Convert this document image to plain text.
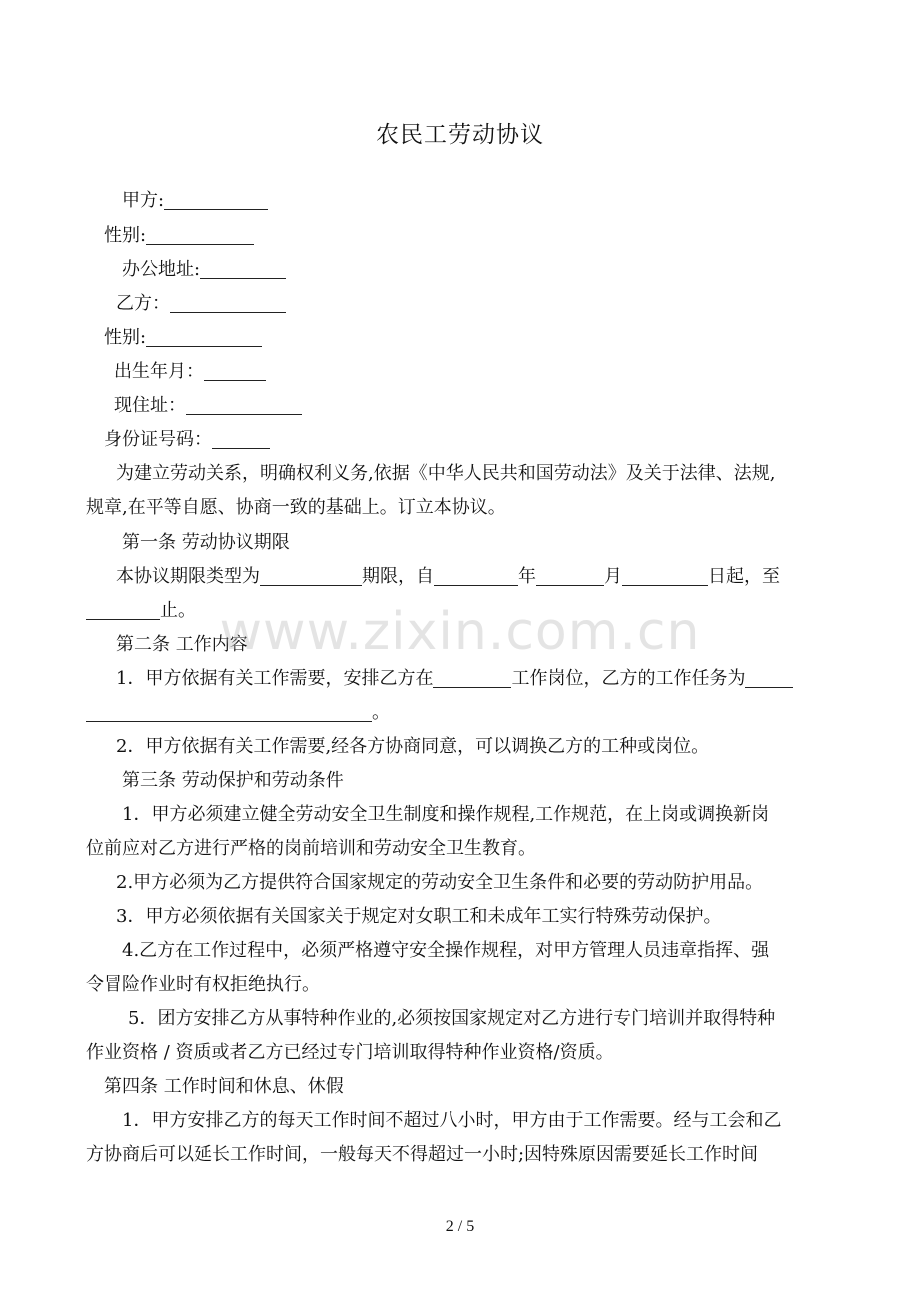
农民工劳动协议
甲方:
性别:
办公地址:
乙方：
性别:
出生年月：
现住址：
身份证号码：
为建立劳动关系，明确权利义务,依据《中华人民共和国劳动法》及关于法律、法规,
规章,在平等自愿、协商一致的基础上。订立本协议。
第一条 劳动协议期限
本协议期限类型为	期限，自	年	月	日起，至
止。
第二条 工作内容
1．甲方依据有关工作需要，安排乙方在	工作岗位，乙方的工作任务为
。
2．甲方依据有关工作需要,经各方协商同意，可以调换乙方的工种或岗位。
第三条 劳动保护和劳动条件
1．甲方必须建立健全劳动安全卫生制度和操作规程,工作规范，在上岗或调换新岗
位前应对乙方进行严格的岗前培训和劳动安全卫生教育。
2.甲方必须为乙方提供符合国家规定的劳动安全卫生条件和必要的劳动防护用品。
3．甲方必须依据有关国家关于规定对女职工和未成年工实行特殊劳动保护。
4.乙方在工作过程中，必须严格遵守安全操作规程，对甲方管理人员违章指挥、强
令冒险作业时有权拒绝执行。
5．团方安排乙方从事特种作业的,必须按国家规定对乙方进行专门培训并取得特种
作业资格 / 资质或者乙方已经过专门培训取得特种作业资格/资质。
第四条 工作时间和休息、休假
1．甲方安排乙方的每天工作时间不超过八小时，甲方由于工作需要。经与工会和乙
方协商后可以延长工作时间，一般每天不得超过一小时;因特殊原因需要延长工作时间
www.zixin.com.cn
2 / 5
